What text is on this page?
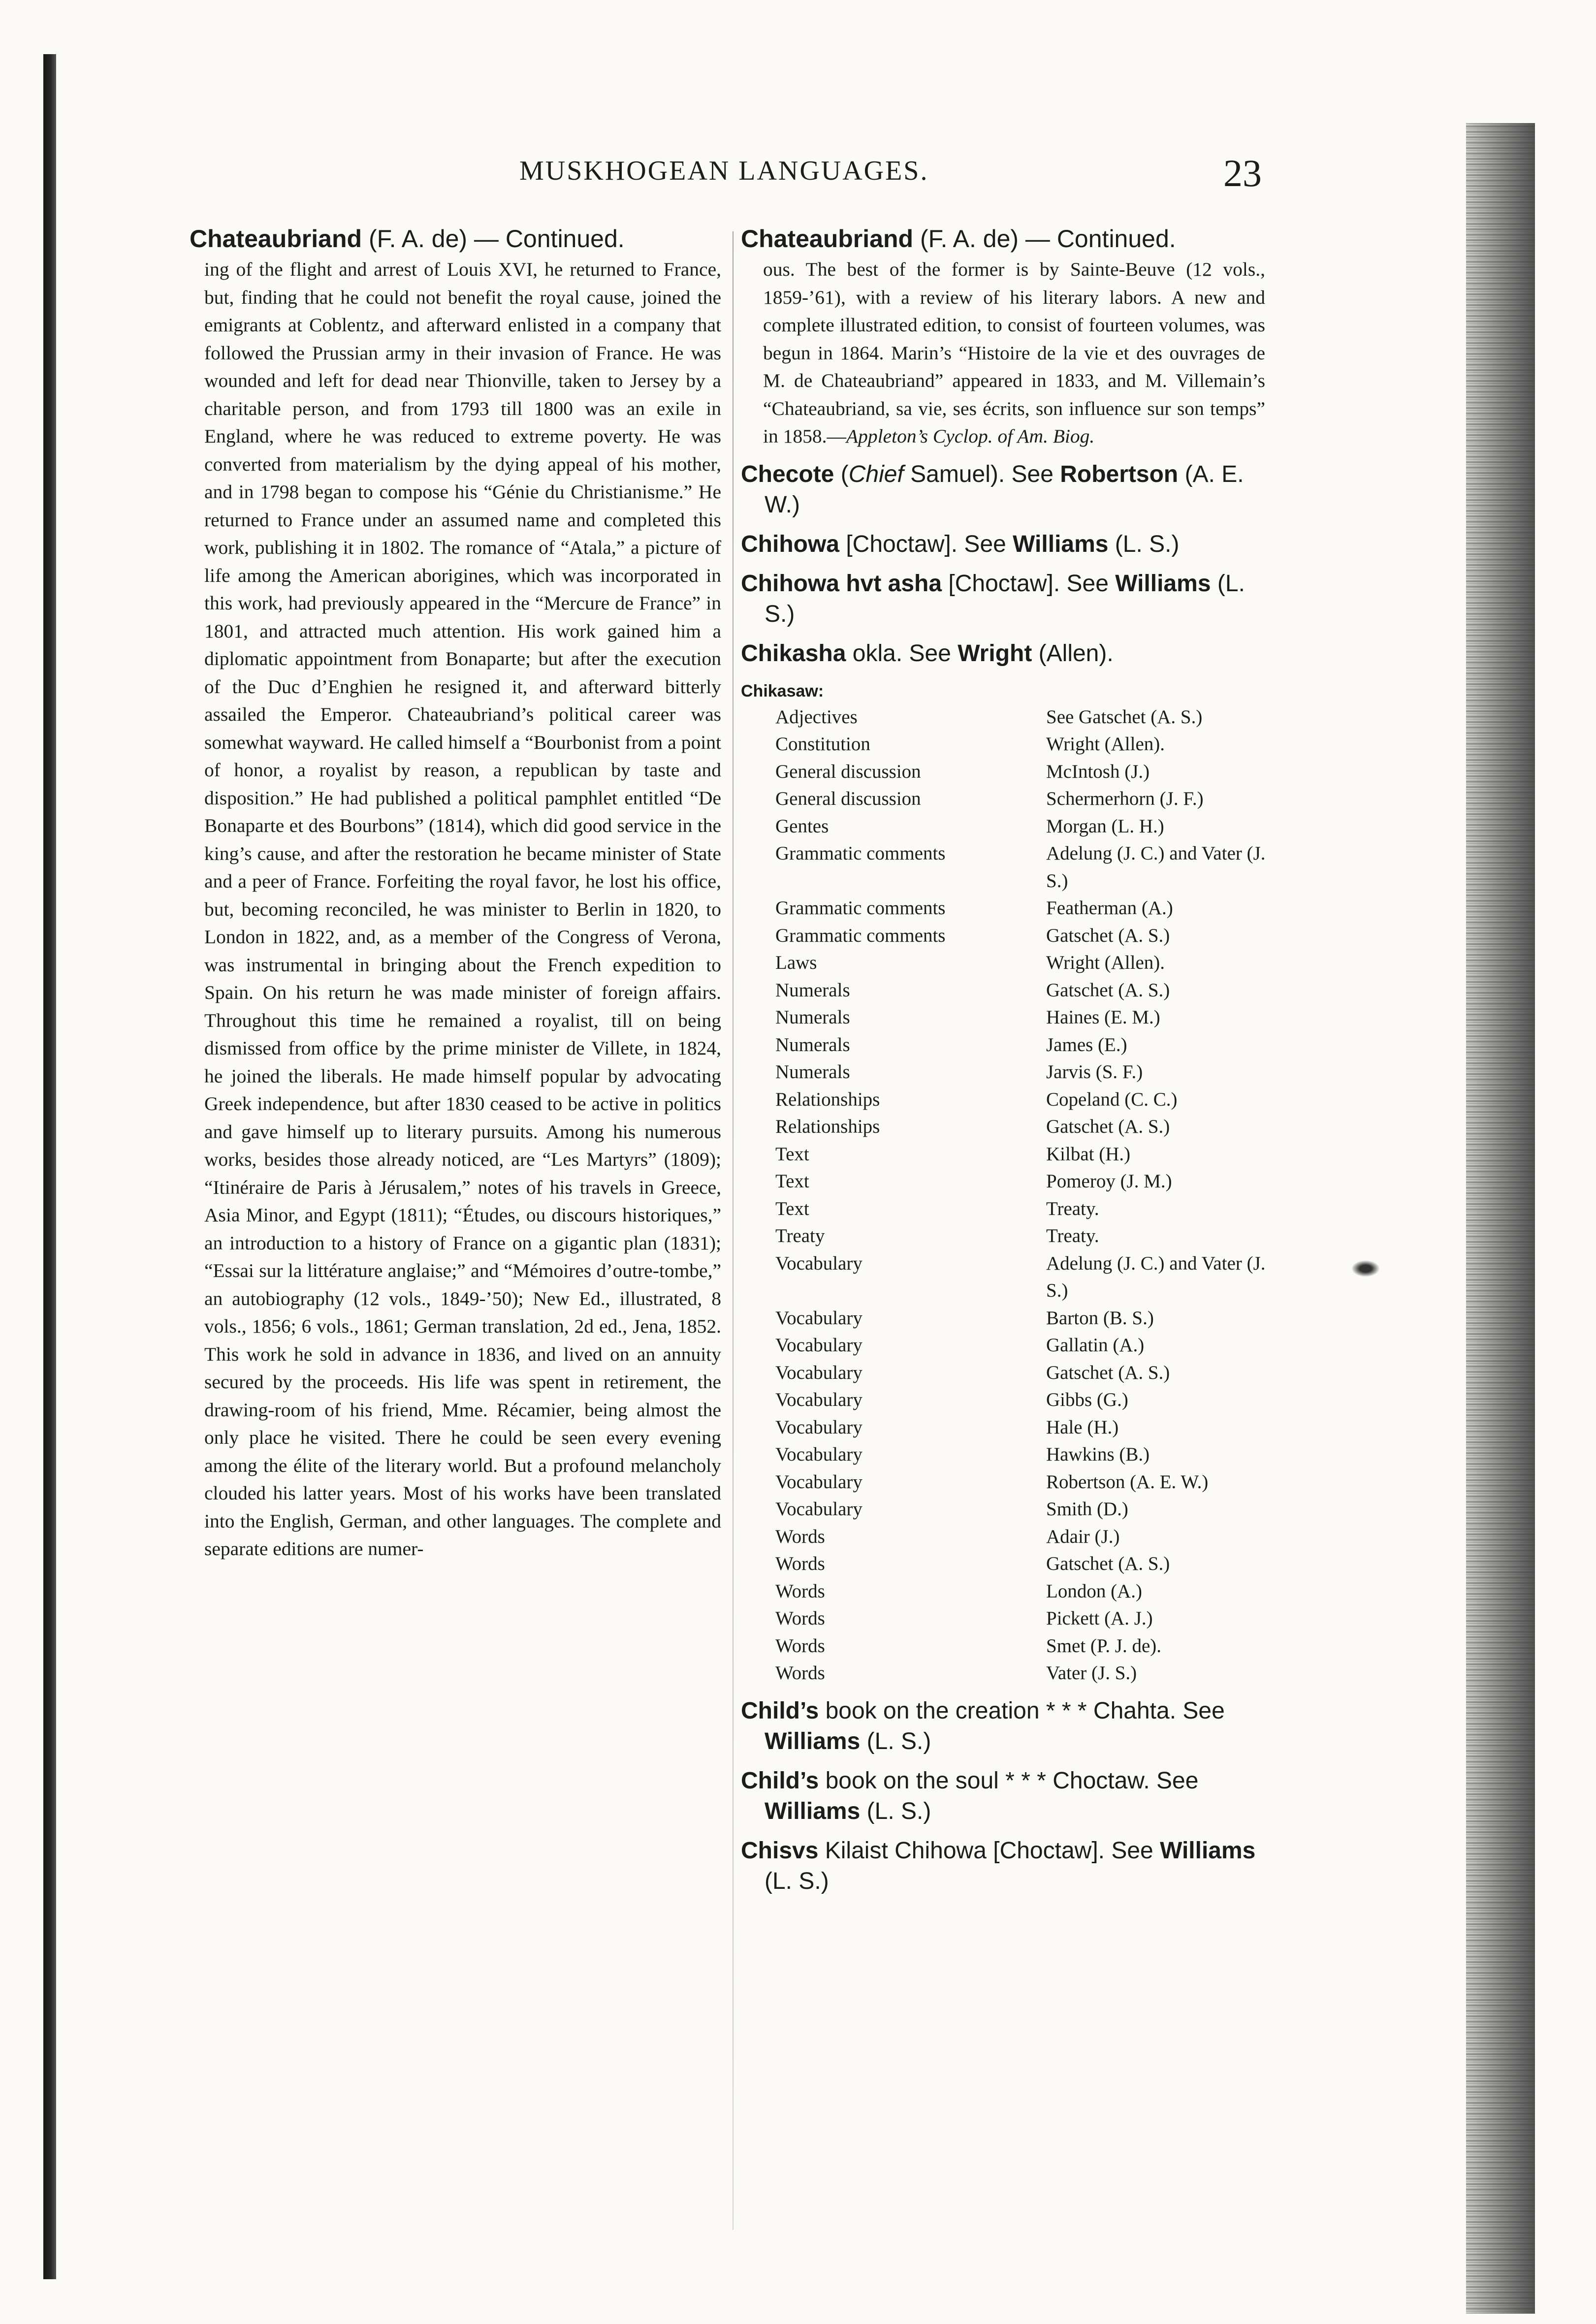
MUSKHOGEAN LANGUAGES.	23
Chateaubriand (F. A. de) — Continued.

ing of the flight and arrest of Louis XVI, he returned to France, but, finding that he could not benefit the royal cause, joined the emigrants at Coblentz, and afterward enlisted in a company that followed the Prussian army in their invasion of France. He was wounded and left for dead near Thionville, taken to Jersey by a charitable person, and from 1793 till 1800 was an exile in England, where he was reduced to extreme poverty. He was converted from materialism by the dying appeal of his mother, and in 1798 began to compose his “Génie du Christianisme.” He returned to France under an assumed name and completed this work, publishing it in 1802. The romance of “Atala,” a picture of life among the American aborigines, which was incorporated in this work, had previously appeared in the “Mercure de France” in 1801, and attracted much attention. His work gained him a diplomatic appointment from Bonaparte; but after the execution of the Duc d’Enghien he resigned it, and afterward bitterly assailed the Emperor. Chateaubriand’s political career was somewhat wayward. He called himself a “Bourbonist from a point of honor, a royalist by reason, a republican by taste and disposition.” He had published a political pamphlet entitled “De Bonaparte et des Bourbons” (1814), which did good service in the king’s cause, and after the restoration he became minister of State and a peer of France. Forfeiting the royal favor, he lost his office, but, becoming reconciled, he was minister to Berlin in 1820, to London in 1822, and, as a member of the Congress of Verona, was instrumental in bringing about the French expedition to Spain. On his return he was made minister of foreign affairs. Throughout this time he remained a royalist, till on being dismissed from office by the prime minister de Villete, in 1824, he joined the liberals. He made himself popular by advocating Greek independence, but after 1830 ceased to be active in politics and gave himself up to literary pursuits. Among his numerous works, besides those already noticed, are “Les Martyrs” (1809); “Itinéraire de Paris à Jérusalem,” notes of his travels in Greece, Asia Minor, and Egypt (1811); “Études, ou discours historiques,” an introduction to a history of France on a gigantic plan (1831); “Essai sur la littérature anglaise;” and “Mémoires d’outre-tombe,” an autobiography (12 vols., 1849-’50); New Ed., illustrated, 8 vols., 1856; 6 vols., 1861; German translation, 2d ed., Jena, 1852. This work he sold in advance in 1836, and lived on an annuity secured by the proceeds. His life was spent in retirement, the drawing-room of his friend, Mme. Récamier, being almost the only place he visited. There he could be seen every evening among the élite of the literary world. But a profound melancholy clouded his latter years. Most of his works have been translated into the English, German, and other languages. The complete and separate editions are numer-

Chateaubriand (F. A. de) — Continued.

ous. The best of the former is by Sainte-Beuve (12 vols., 1859-’61), with a review of his literary labors. A new and complete illustrated edition, to consist of fourteen volumes, was begun in 1864. Marin’s “Histoire de la vie et des ouvrages de M. de Chateaubriand” appeared in 1833, and M. Villemain’s “Chateaubriand, sa vie, ses écrits, son influence sur son temps” in 1858.—Appleton’s Cyclop. of Am. Biog.

Checote (Chief Samuel). See Robertson (A. E. W.)
Chihowa [Choctaw]. See Williams (L. S.)
Chihowa hvt asha [Choctaw]. See Williams (L. S.)
Chikasha okla. See Wright (Allen).
Chikasaw:
Adjectives	See Gatschet (A. S.)
Constitution	Wright (Allen).
General discussion	McIntosh (J.)
General discussion	Schermerhorn (J. F.)
Gentes	Morgan (L. H.)
Grammatic comments	Adelung (J. C.) and Vater (J. S.)
Grammatic comments	Featherman (A.)
Grammatic comments	Gatschet (A. S.)
Laws	Wright (Allen).
Numerals	Gatschet (A. S.)
Numerals	Haines (E. M.)
Numerals	James (E.)
Numerals	Jarvis (S. F.)
Relationships	Copeland (C. C.)
Relationships	Gatschet (A. S.)
Text	Kilbat (H.)
Text	Pomeroy (J. M.)
Text	Treaty.
Treaty	Treaty.
Vocabulary	Adelung (J. C.) and Vater (J. S.)
Vocabulary	Barton (B. S.)
Vocabulary	Gallatin (A.)
Vocabulary	Gatschet (A. S.)
Vocabulary	Gibbs (G.)
Vocabulary	Hale (H.)
Vocabulary	Hawkins (B.)
Vocabulary	Robertson (A. E. W.)
Vocabulary	Smith (D.)
Words	Adair (J.)
Words	Gatschet (A. S.)
Words	London (A.)
Words	Pickett (A. J.)
Words	Smet (P. J. de).
Words	Vater (J. S.)
Child’s book on the creation * * * Chahta. See Williams (L. S.)
Child’s book on the soul * * * Choctaw. See Williams (L. S.)
Chisvs Kilaist Chihowa [Choctaw]. See Williams (L. S.)
